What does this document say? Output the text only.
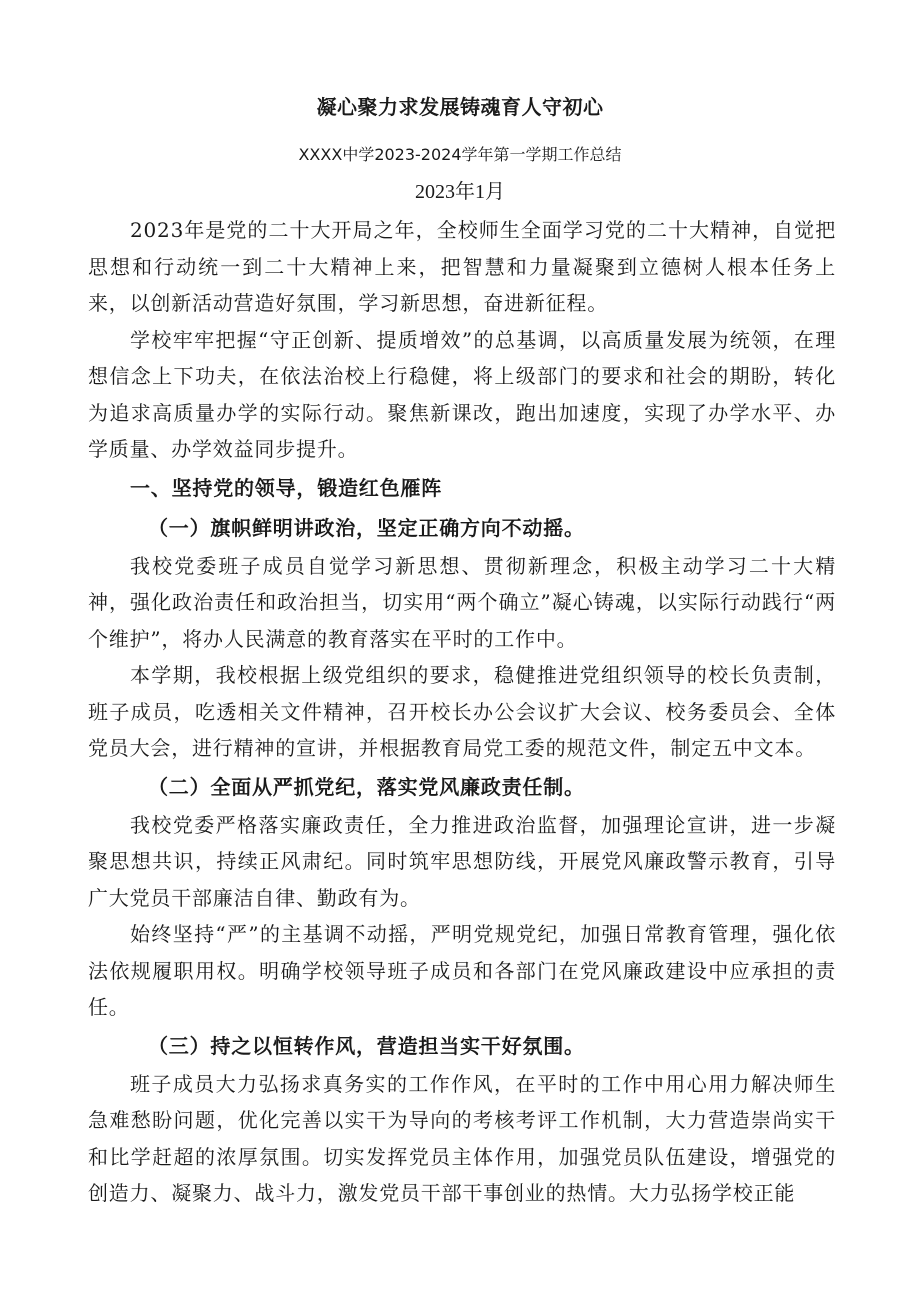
凝心聚力求发展铸魂育人守初心
XXXX中学2023-2024学年第一学期工作总结
2023年1月

2023年是党的二十大开局之年，全校师生全面学习党的二十大精神，自觉把思想和行动统一到二十大精神上来，把智慧和力量凝聚到立德树人根本任务上来，以创新活动营造好氛围，学习新思想，奋进新征程。

学校牢牢把握“守正创新、提质增效”的总基调，以高质量发展为统领，在理想信念上下功夫，在依法治校上行稳健，将上级部门的要求和社会的期盼，转化为追求高质量办学的实际行动。聚焦新课改，跑出加速度，实现了办学水平、办学质量、办学效益同步提升。

一、坚持党的领导，锻造红色雁阵

（一）旗帜鲜明讲政治，坚定正确方向不动摇。

我校党委班子成员自觉学习新思想、贯彻新理念，积极主动学习二十大精神，强化政治责任和政治担当，切实用“两个确立”凝心铸魂，以实际行动践行“两个维护”，将办人民满意的教育落实在平时的工作中。

本学期，我校根据上级党组织的要求，稳健推进党组织领导的校长负责制，班子成员，吃透相关文件精神，召开校长办公会议扩大会议、校务委员会、全体党员大会，进行精神的宣讲，并根据教育局党工委的规范文件，制定五中文本。

（二）全面从严抓党纪，落实党风廉政责任制。

我校党委严格落实廉政责任，全力推进政治监督，加强理论宣讲，进一步凝聚思想共识，持续正风肃纪。同时筑牢思想防线，开展党风廉政警示教育，引导广大党员干部廉洁自律、勤政有为。

始终坚持“严”的主基调不动摇，严明党规党纪，加强日常教育管理，强化依法依规履职用权。明确学校领导班子成员和各部门在党风廉政建设中应承担的责任。

（三）持之以恒转作风，营造担当实干好氛围。

班子成员大力弘扬求真务实的工作作风，在平时的工作中用心用力解决师生急难愁盼问题，优化完善以实干为导向的考核考评工作机制，大力营造崇尚实干和比学赶超的浓厚氛围。切实发挥党员主体作用，加强党员队伍建设，增强党的创造力、凝聚力、战斗力，激发党员干部干事创业的热情。大力弘扬学校正能
